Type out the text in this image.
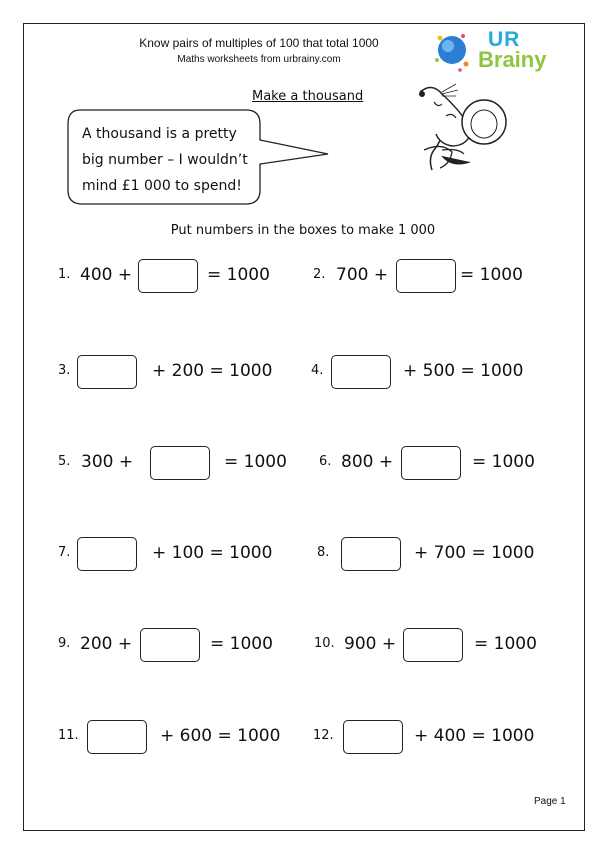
Know pairs of multiples of 100 that total 1000
Maths worksheets from urbrainy.com
UR
Brainy
Make a thousand
A thousand is a pretty
big number – I wouldn’t
mind £1 000 to spend!
Put numbers in the boxes to make 1 000
1. 400 +	= 1000	2. 700 +	= 1000
3.	+ 200 = 1000	4.	+ 500 = 1000
5. 300 +	= 1000 6. 800 +	= 1000
7.	+ 100 = 1000	8.	+ 700 = 1000
9. 200 +	= 1000	10. 900 +	= 1000
11.	+ 600 = 1000	12.	+ 400 = 1000
Page 1
